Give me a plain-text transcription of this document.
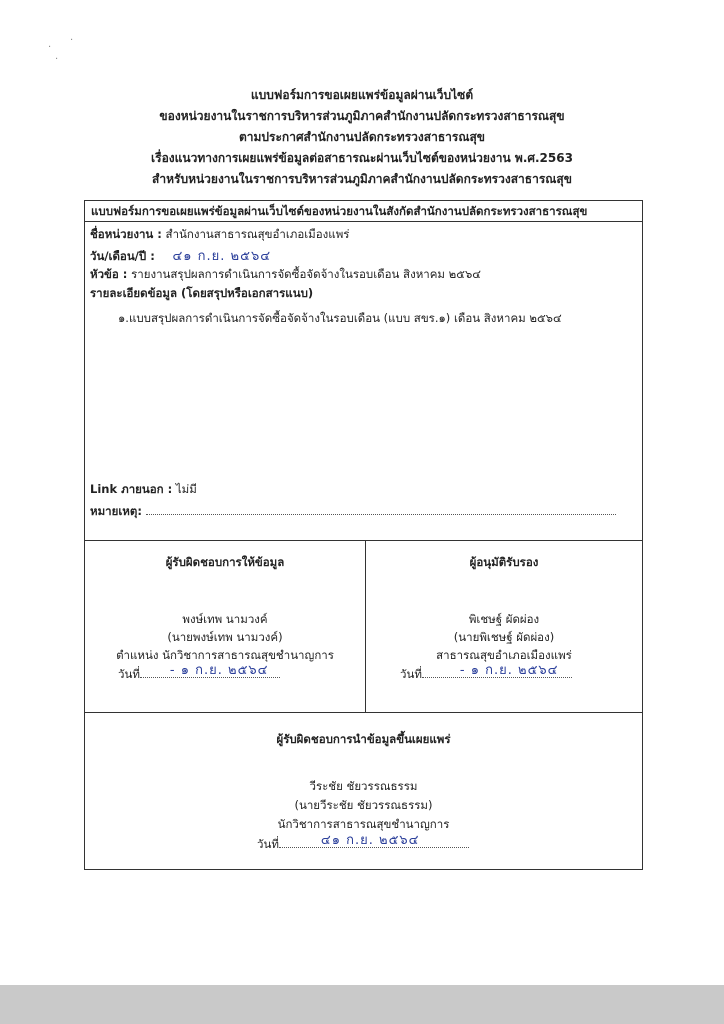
·
·
·
แบบฟอร์มการขอเผยแพร่ข้อมูลผ่านเว็บไซต์
ของหน่วยงานในราชการบริหารส่วนภูมิภาคสำนักงานปลัดกระทรวงสาธารณสุข
ตามประกาศสำนักงานปลัดกระทรวงสาธารณสุข
เรื่องแนวทางการเผยแพร่ข้อมูลต่อสาธารณะผ่านเว็บไซต์ของหน่วยงาน พ.ศ.2563
สำหรับหน่วยงานในราชการบริหารส่วนภูมิภาคสำนักงานปลัดกระทรวงสาธารณสุข
แบบฟอร์มการขอเผยแพร่ข้อมูลผ่านเว็บไซต์ของหน่วยงานในสังกัดสำนักงานปลัดกระทรวงสาธารณสุข
ชื่อหน่วยงาน : สำนักงานสาธารณสุขอำเภอเมืองแพร่
วัน/เดือน/ปี : ๔๑ ก.ย. ๒๕๖๔
หัวข้อ : รายงานสรุปผลการดำเนินการจัดซื้อจัดจ้างในรอบเดือน สิงหาคม ๒๕๖๔
รายละเอียดข้อมูล (โดยสรุปหรือเอกสารแนบ)
๑.แบบสรุปผลการดำเนินการจัดซื้อจัดจ้างในรอบเดือน (แบบ สขร.๑) เดือน สิงหาคม ๒๕๖๔
Link ภายนอก : ไม่มี
หมายเหตุ:
ผู้รับผิดชอบการให้ข้อมูล
พงษ์เทพ นามวงค์
(นายพงษ์เทพ นามวงค์)
ตำแหน่ง นักวิชาการสาธารณสุขชำนาญการ
วันที่ - ๑ ก.ย. ๒๕๖๔
ผู้อนุมัติรับรอง
พิเชษฐ์ ผัดผ่อง
(นายพิเชษฐ์ ผัดผ่อง)
สาธารณสุขอำเภอเมืองแพร่
วันที่	- ๑ ก.ย. ๒๕๖๔
ผู้รับผิดชอบการนำข้อมูลขึ้นเผยแพร่
วีระชัย ชัยวรรณธรรม
(นายวีระชัย ชัยวรรณธรรม)
นักวิชาการสาธารณสุขชำนาญการ
วันที่	๔๑ ก.ย. ๒๕๖๔
